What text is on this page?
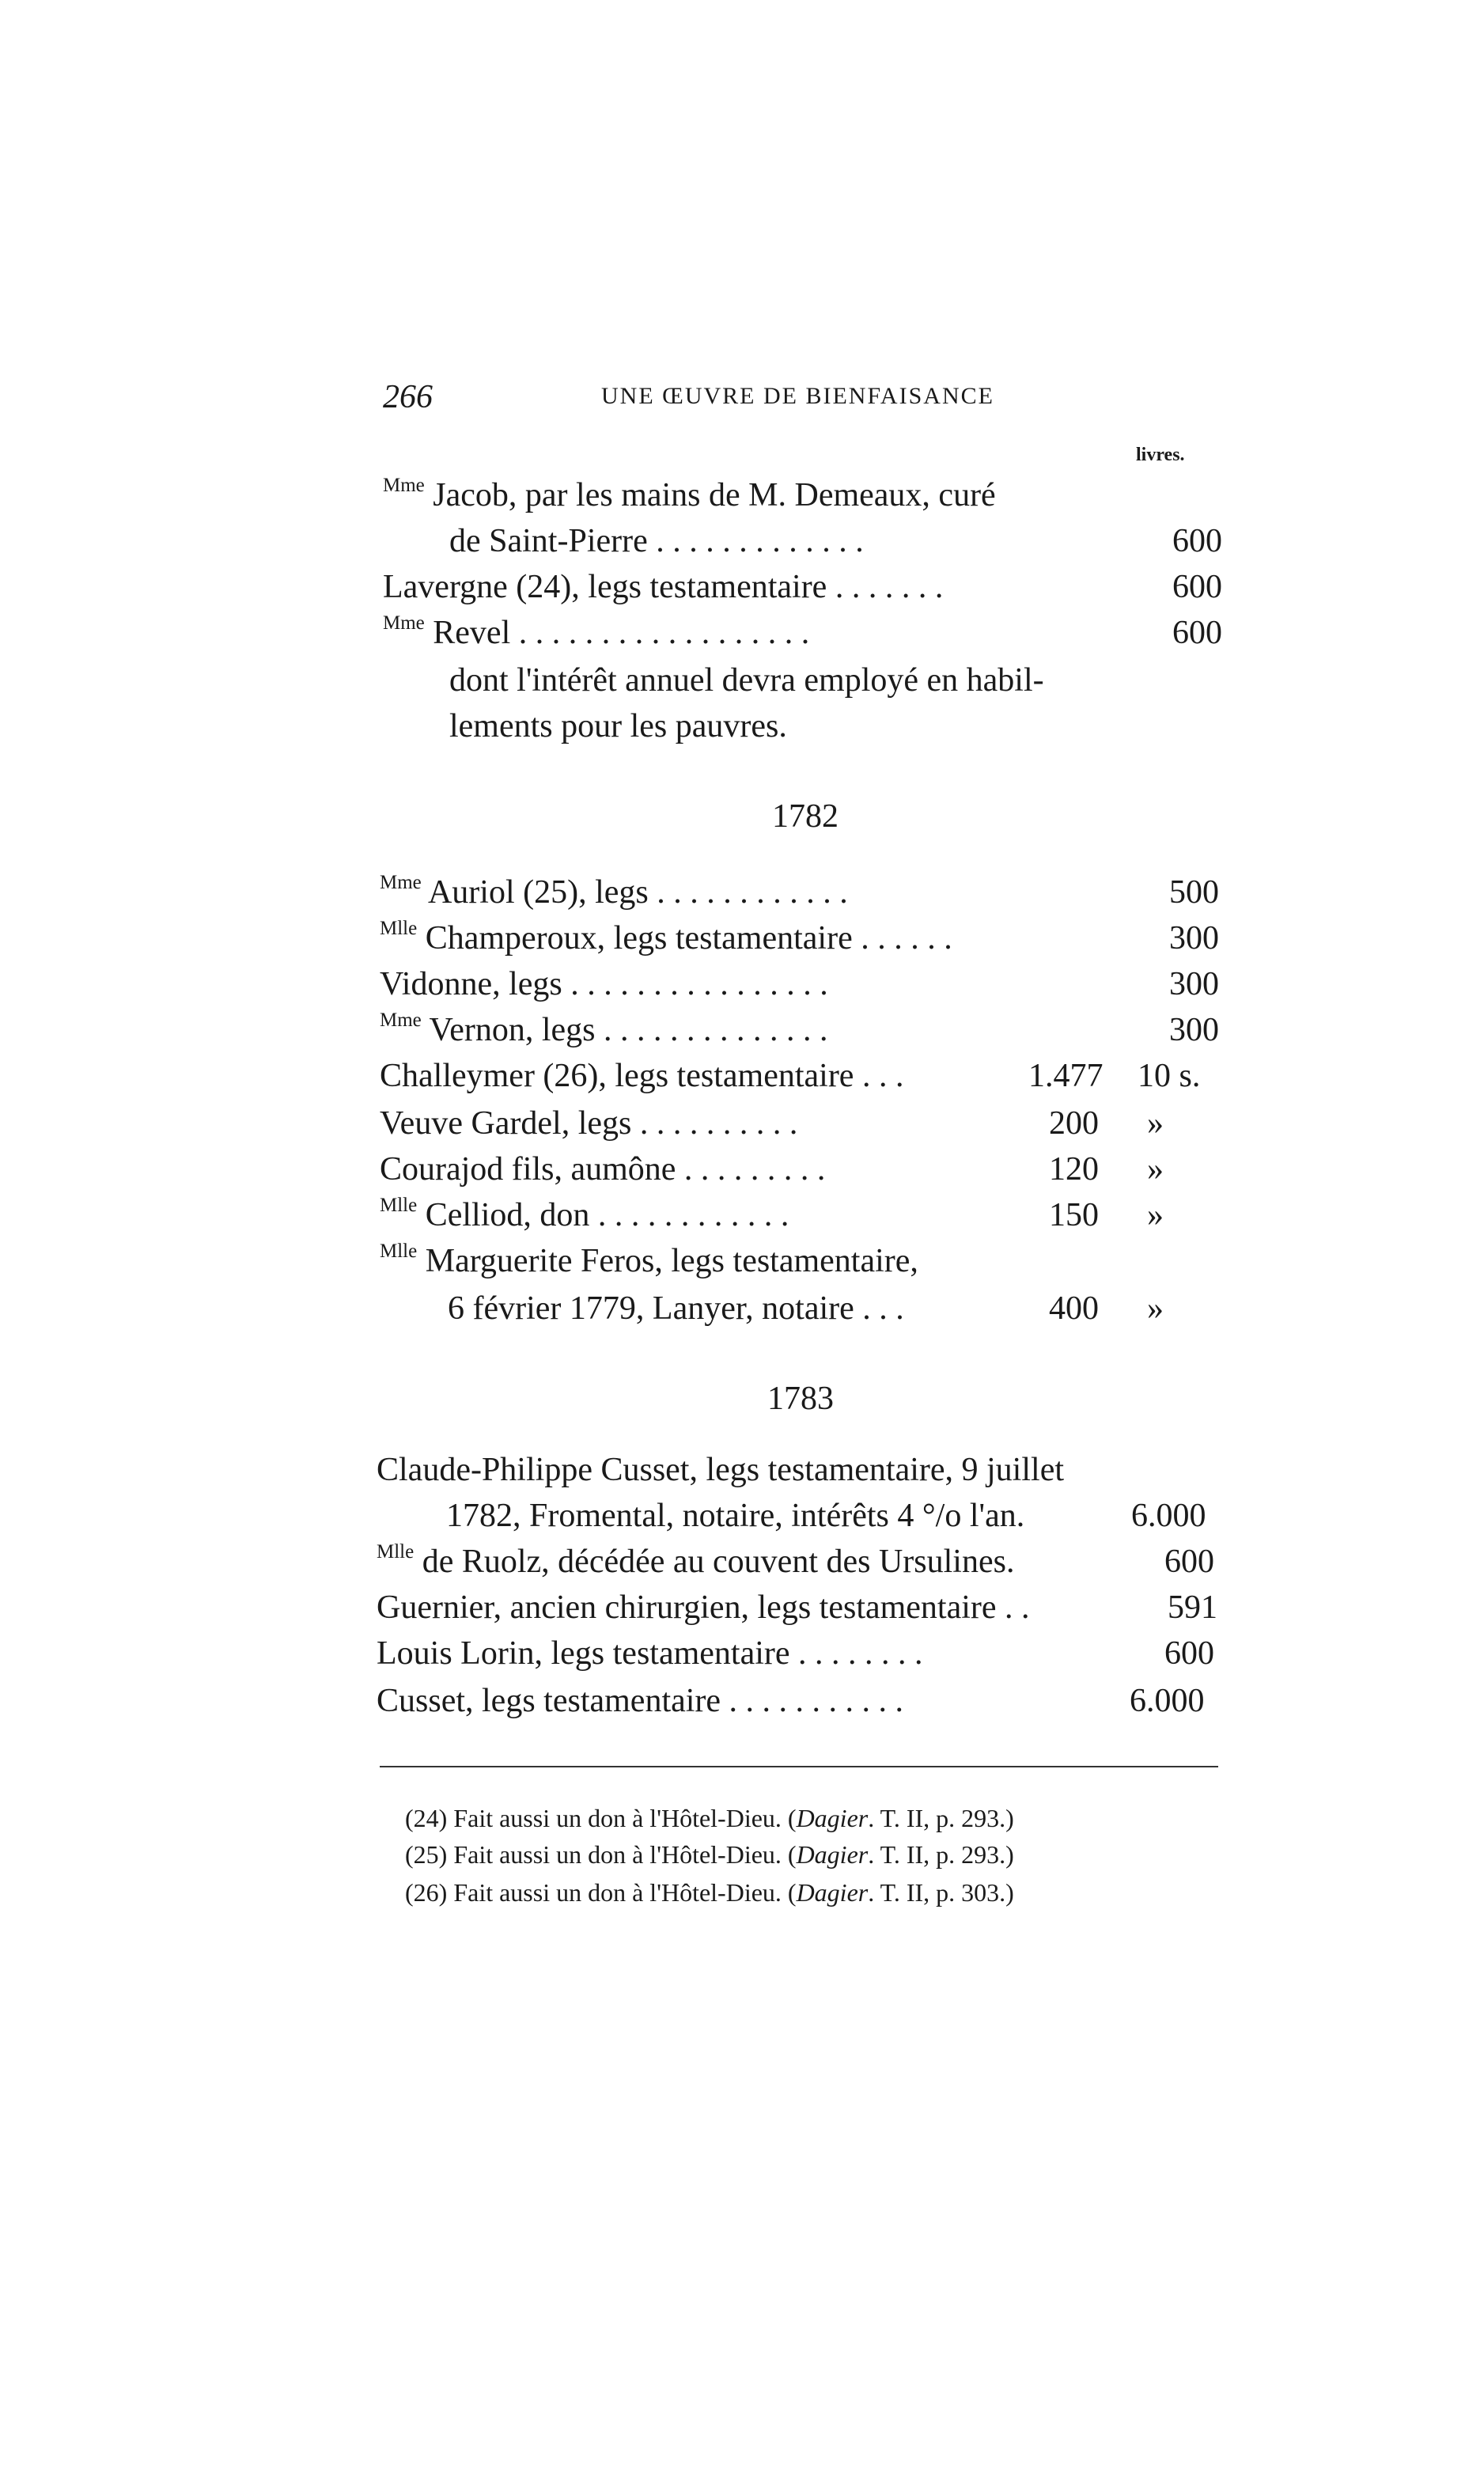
266	UNE ŒUVRE DE BIENFAISANCE
livres.
$^{Mme}$ Jacob, par les mains de M. Demeaux, curé
de Saint-Pierre . . . . . . . . . . . . .	600
Lavergne (24), legs testamentaire . . . . . . .	600
$^{Mme}$ Revel . . . . . . . . . . . . . . . . . .	600
dont l'intérêt annuel devra employé en habil-
lements pour les pauvres.
1782
$^{Mme}$ Auriol (25), legs . . . . . . . . . . . .	500
$^{Mlle}$ Champeroux, legs testamentaire . . . . . .	300
Vidonne, legs . . . . . . . . . . . . . . . .	300
$^{Mme}$ Vernon, legs . . . . . . . . . . . . . .	300
Challeymer (26), legs testamentaire . . .	1.477 10 s.
Veuve Gardel, legs . . . . . . . . . .	200 »
Courajod fils, aumône . . . . . . . . .	120 »
$^{Mlle}$ Celliod, don . . . . . . . . . . . .	150 »
$^{Mlle}$ Marguerite Feros, legs testamentaire,
6 février 1779, Lanyer, notaire . . .	400 »
1783
Claude-Philippe Cusset, legs testamentaire, 9 juillet
1782, Fromental, notaire, intérêts 4 °/o l'an.	6.000
$^{Mlle}$ de Ruolz, décédée au couvent des Ursulines.	600
Guernier, ancien chirurgien, legs testamentaire . .	591
Louis Lorin, legs testamentaire . . . . . . . .	600
Cusset, legs testamentaire . . . . . . . . . . .	6.000
(24) Fait aussi un don à l'Hôtel-Dieu. (Dagier. T. II, p. 293.)
(25) Fait aussi un don à l'Hôtel-Dieu. (Dagier. T. II, p. 293.)
(26) Fait aussi un don à l'Hôtel-Dieu. (Dagier. T. II, p. 303.)
